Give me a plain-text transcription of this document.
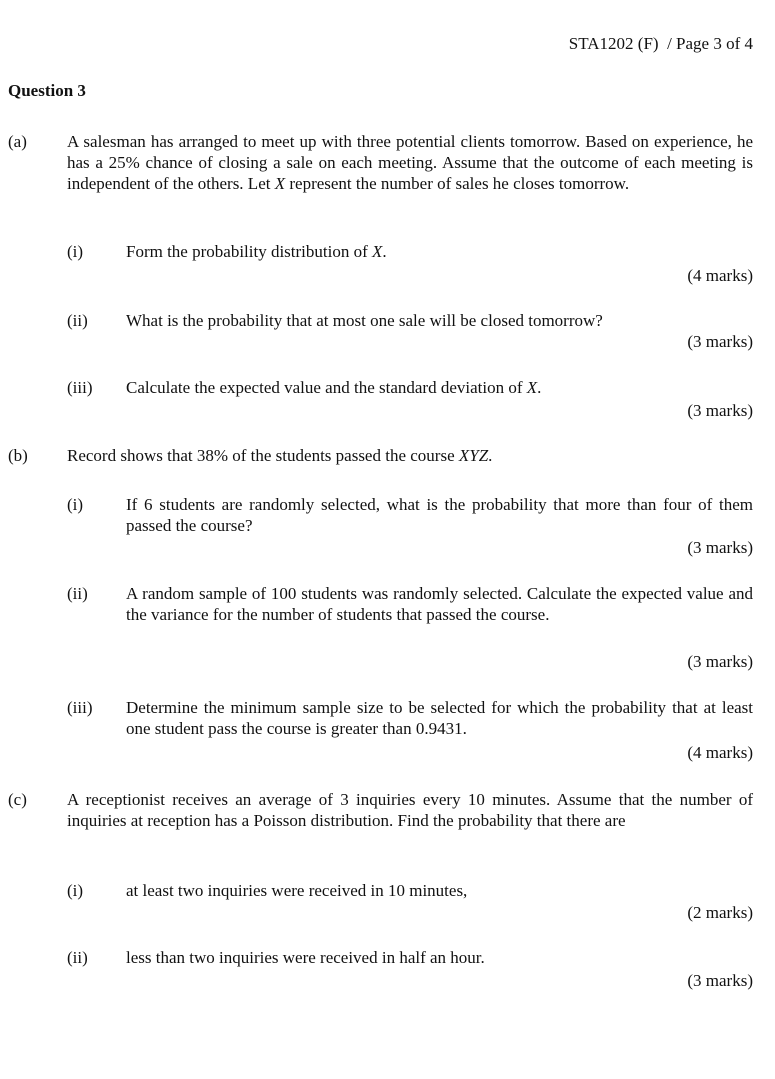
STA1202 (F)  / Page 3 of 4
Question 3
(a) A salesman has arranged to meet up with three potential clients tomorrow. Based on experience, he has a 25% chance of closing a sale on each meeting. Assume that the outcome of each meeting is independent of the others. Let X represent the number of sales he closes tomorrow.
(i)	Form the probability distribution of X.
(4 marks)
(ii) What is the probability that at most one sale will be closed tomorrow?
(3 marks)
(iii) Calculate the expected value and the standard deviation of X.
(3 marks)
(b) Record shows that 38% of the students passed the course XYZ.
(i)	If 6 students are randomly selected, what is the probability that more than four of them passed the course?
(3 marks)
(ii) A random sample of 100 students was randomly selected. Calculate the expected value and the variance for the number of students that passed the course.
(3 marks)
(iii) Determine the minimum sample size to be selected for which the probability that at least one student pass the course is greater than 0.9431.
(4 marks)
(c) A receptionist receives an average of 3 inquiries every 10 minutes. Assume that the number of inquiries at reception has a Poisson distribution. Find the probability that there are
(i)	at least two inquiries were received in 10 minutes,
(2 marks)
(ii) less than two inquiries were received in half an hour.
(3 marks)
